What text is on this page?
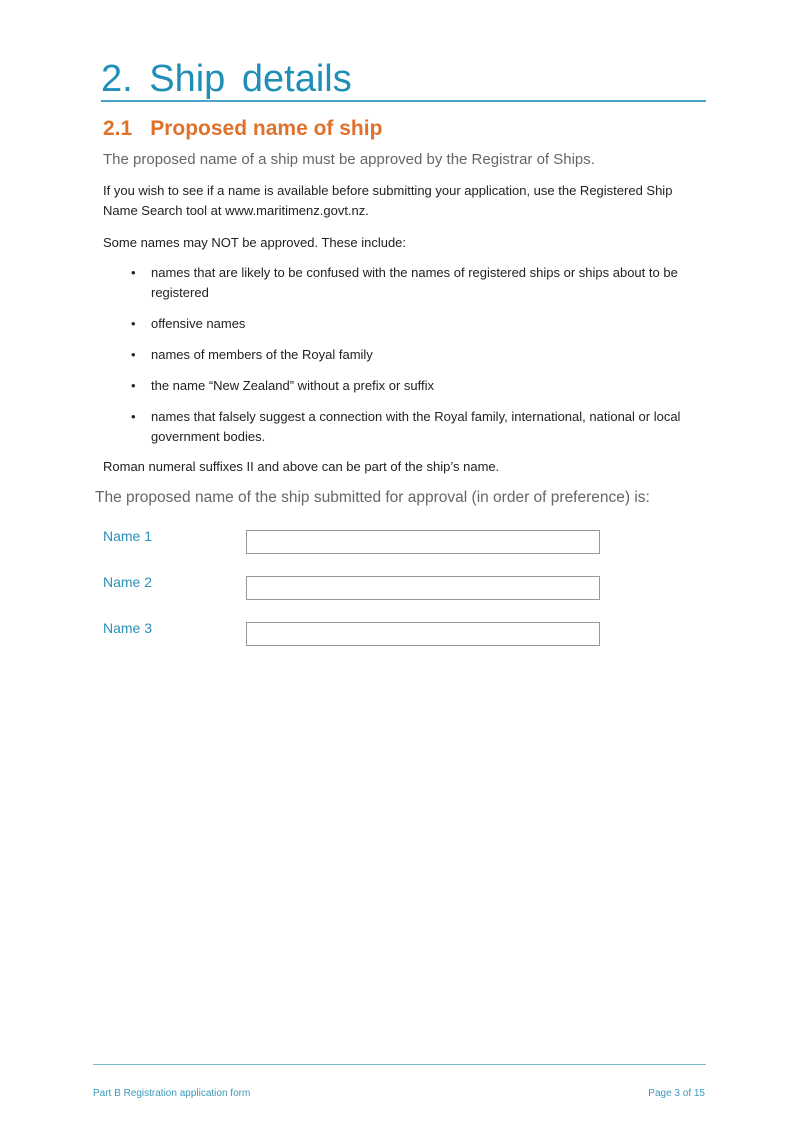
2. Ship details
2.1 Proposed name of ship
The proposed name of a ship must be approved by the Registrar of Ships.
If you wish to see if a name is available before submitting your application, use the Registered Ship Name Search tool at www.maritimenz.govt.nz.
Some names may NOT be approved. These include:
• names that are likely to be confused with the names of registered ships or ships about to be registered
• offensive names
• names of members of the Royal family
• the name “New Zealand” without a prefix or suffix
• names that falsely suggest a connection with the Royal family, international, national or local government bodies.
Roman numeral suffixes II and above can be part of the ship’s name.
The proposed name of the ship submitted for approval (in order of preference) is:
Name 1
Name 2
Name 3
Part B Registration application form	Page 3 of 15
